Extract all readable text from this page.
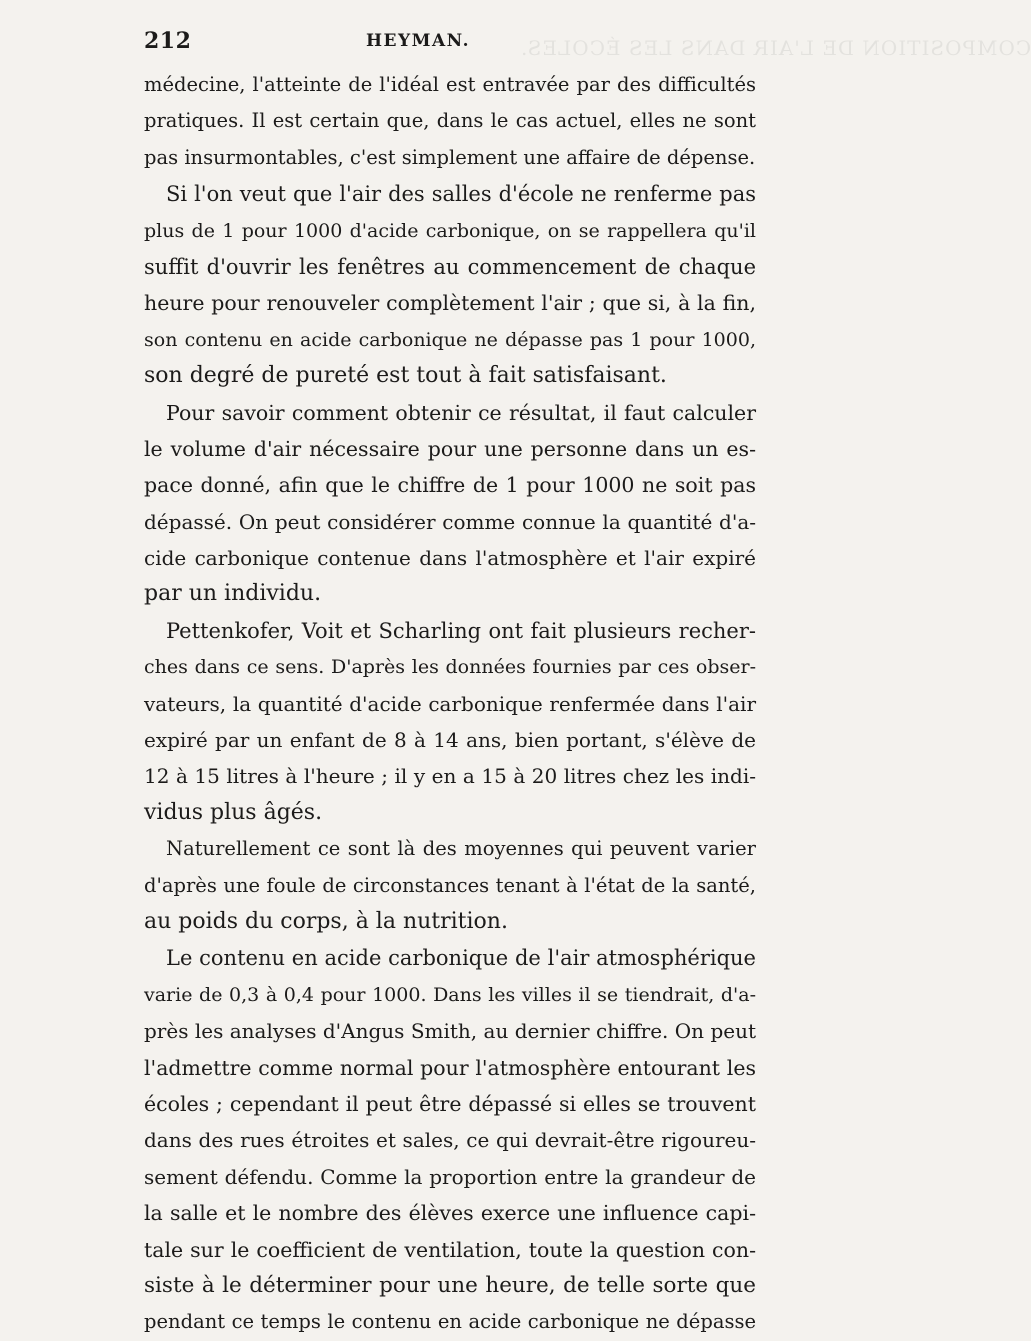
COMPOSITION DE L'AIR DANS LES ÉCOLES.
212	HEYMAN.
médecine, l'atteinte de l'idéal est entravée par des difficultés
pratiques. Il est certain que, dans le cas actuel, elles ne sont
pas insurmontables, c'est simplement une affaire de dépense.
Si l'on veut que l'air des salles d'école ne renferme pas
plus de 1 pour 1000 d'acide carbonique, on se rappellera qu'il
suffit d'ouvrir les fenêtres au commencement de chaque
heure pour renouveler complètement l'air ; que si, à la fin,
son contenu en acide carbonique ne dépasse pas 1 pour 1000,
son degré de pureté est tout à fait satisfaisant.
Pour savoir comment obtenir ce résultat, il faut calculer
le volume d'air nécessaire pour une personne dans un es-
pace donné, afin que le chiffre de 1 pour 1000 ne soit pas
dépassé. On peut considérer comme connue la quantité d'a-
cide carbonique contenue dans l'atmosphère et l'air expiré
par un individu.
Pettenkofer, Voit et Scharling ont fait plusieurs recher-
ches dans ce sens. D'après les données fournies par ces obser-
vateurs, la quantité d'acide carbonique renfermée dans l'air
expiré par un enfant de 8 à 14 ans, bien portant, s'élève de
12 à 15 litres à l'heure ; il y en a 15 à 20 litres chez les indi-
vidus plus âgés.
Naturellement ce sont là des moyennes qui peuvent varier
d'après une foule de circonstances tenant à l'état de la santé,
au poids du corps, à la nutrition.
Le contenu en acide carbonique de l'air atmosphérique
varie de 0,3 à 0,4 pour 1000. Dans les villes il se tiendrait, d'a-
près les analyses d'Angus Smith, au dernier chiffre. On peut
l'admettre comme normal pour l'atmosphère entourant les
écoles ; cependant il peut être dépassé si elles se trouvent
dans des rues étroites et sales, ce qui devrait-être rigoureu-
sement défendu. Comme la proportion entre la grandeur de
la salle et le nombre des élèves exerce une influence capi-
tale sur le coefficient de ventilation, toute la question con-
siste à le déterminer pour une heure, de telle sorte que
pendant ce temps le contenu en acide carbonique ne dépasse
